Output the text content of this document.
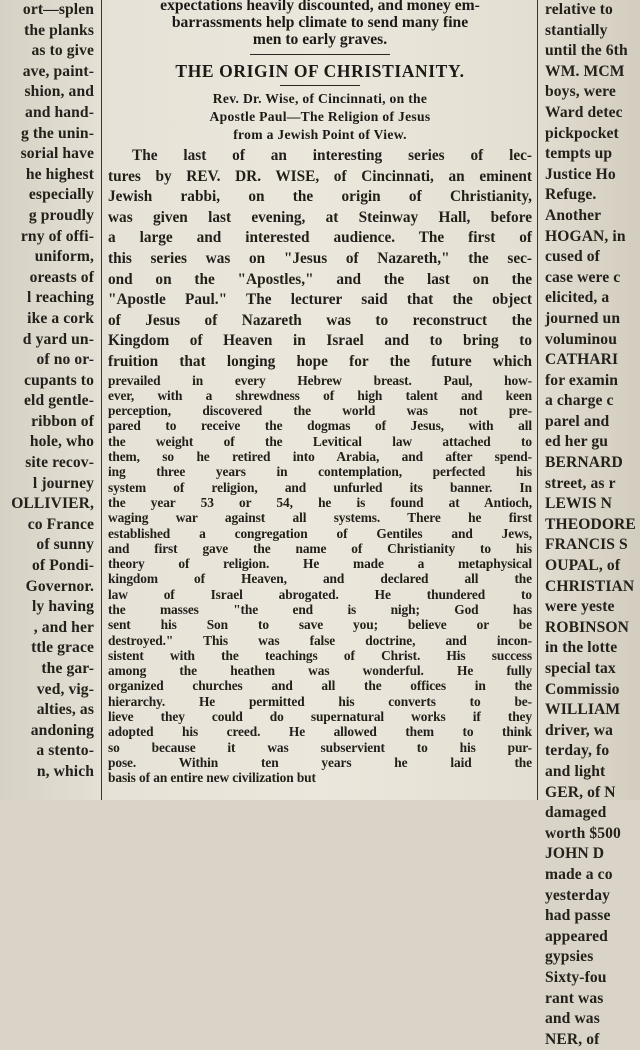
ort—splen
the planks
as to give
ave, paint-
shion, and
and hand-
g the unin-
sorial have
he highest
especially
g proudly
rny of offi-
uniform,
oreasts of
l reaching
ike a cork
d yard un-
of no or-
cupants to
eld gentle-
ribbon of
hole, who
site recov-
l journey
OLLIVIER,
co France
of sunny
of Pondi-
Governor.
ly having
, and her
ttle grace
the gar-
ved, vig-
alties, as
andoning
a stento-
n, which
expectations heavily discounted, and money em-
barrassments help climate to send many fine
men to early graves.
THE ORIGIN OF CHRISTIANITY.
Rev. Dr. Wise, of Cincinnati, on the
Apostle Paul—The Religion of Jesus
from a Jewish Point of View.
The last of an interesting series of lec-
tures by REV. DR. WISE, of Cincinnati, an eminent
Jewish rabbi, on the origin of Christianity,
was given last evening, at Steinway Hall, before
a large and interested audience. The first of
this series was on "Jesus of Nazareth," the sec-
ond on the "Apostles," and the last on the
"Apostle Paul." The lecturer said that the object
of Jesus of Nazareth was to reconstruct the
Kingdom of Heaven in Israel and to bring to
fruition that longing hope for the future which
prevailed in every Hebrew breast. Paul, how-
ever, with a shrewdness of high talent and keen
perception, discovered the world was not pre-
pared to receive the dogmas of Jesus, with all
the weight of the Levitical law attached to
them, so he retired into Arabia, and after spend-
ing three years in contemplation, perfected his
system of religion, and unfurled its banner. In
the year 53 or 54, he is found at Antioch,
waging war against all systems. There he first
established a congregation of Gentiles and Jews,
and first gave the name of Christianity to his
theory of religion. He made a metaphysical
kingdom of Heaven, and declared all the
law of Israel abrogated. He thundered to
the masses "the end is nigh; God has
sent his Son to save you; believe or be
destroyed." This was false doctrine, and incon-
sistent with the teachings of Christ. His success
among the heathen was wonderful. He fully
organized churches and all the offices in the
hierarchy. He permitted his converts to be-
lieve they could do supernatural works if they
adopted his creed. He allowed them to think
so because it was subservient to his pur-
pose. Within ten years he laid the
basis of an entire new civilization but
relative to
stantially
until the 6th
WM. MCM
boys, were
Ward detec
pickpocket
tempts up
Justice Ho
Refuge.
Another
HOGAN, in
cused of
case were c
elicited, a
journed un
voluminou
CATHARI
for examin
a charge c
parel and
ed her gu
BERNARD
street, as r
LEWIS N
THEODORE
FRANCIS S
OUPAL, of
CHRISTIAN
were yeste
ROBINSON
in the lotte
special tax
Commissio
WILLIAM
driver, wa
terday, fo
and light
GER, of N
damaged
worth $500
JOHN D
made a co
yesterday
had passe
appeared
gypsies
Sixty-fou
rant was
and was
NER, of
